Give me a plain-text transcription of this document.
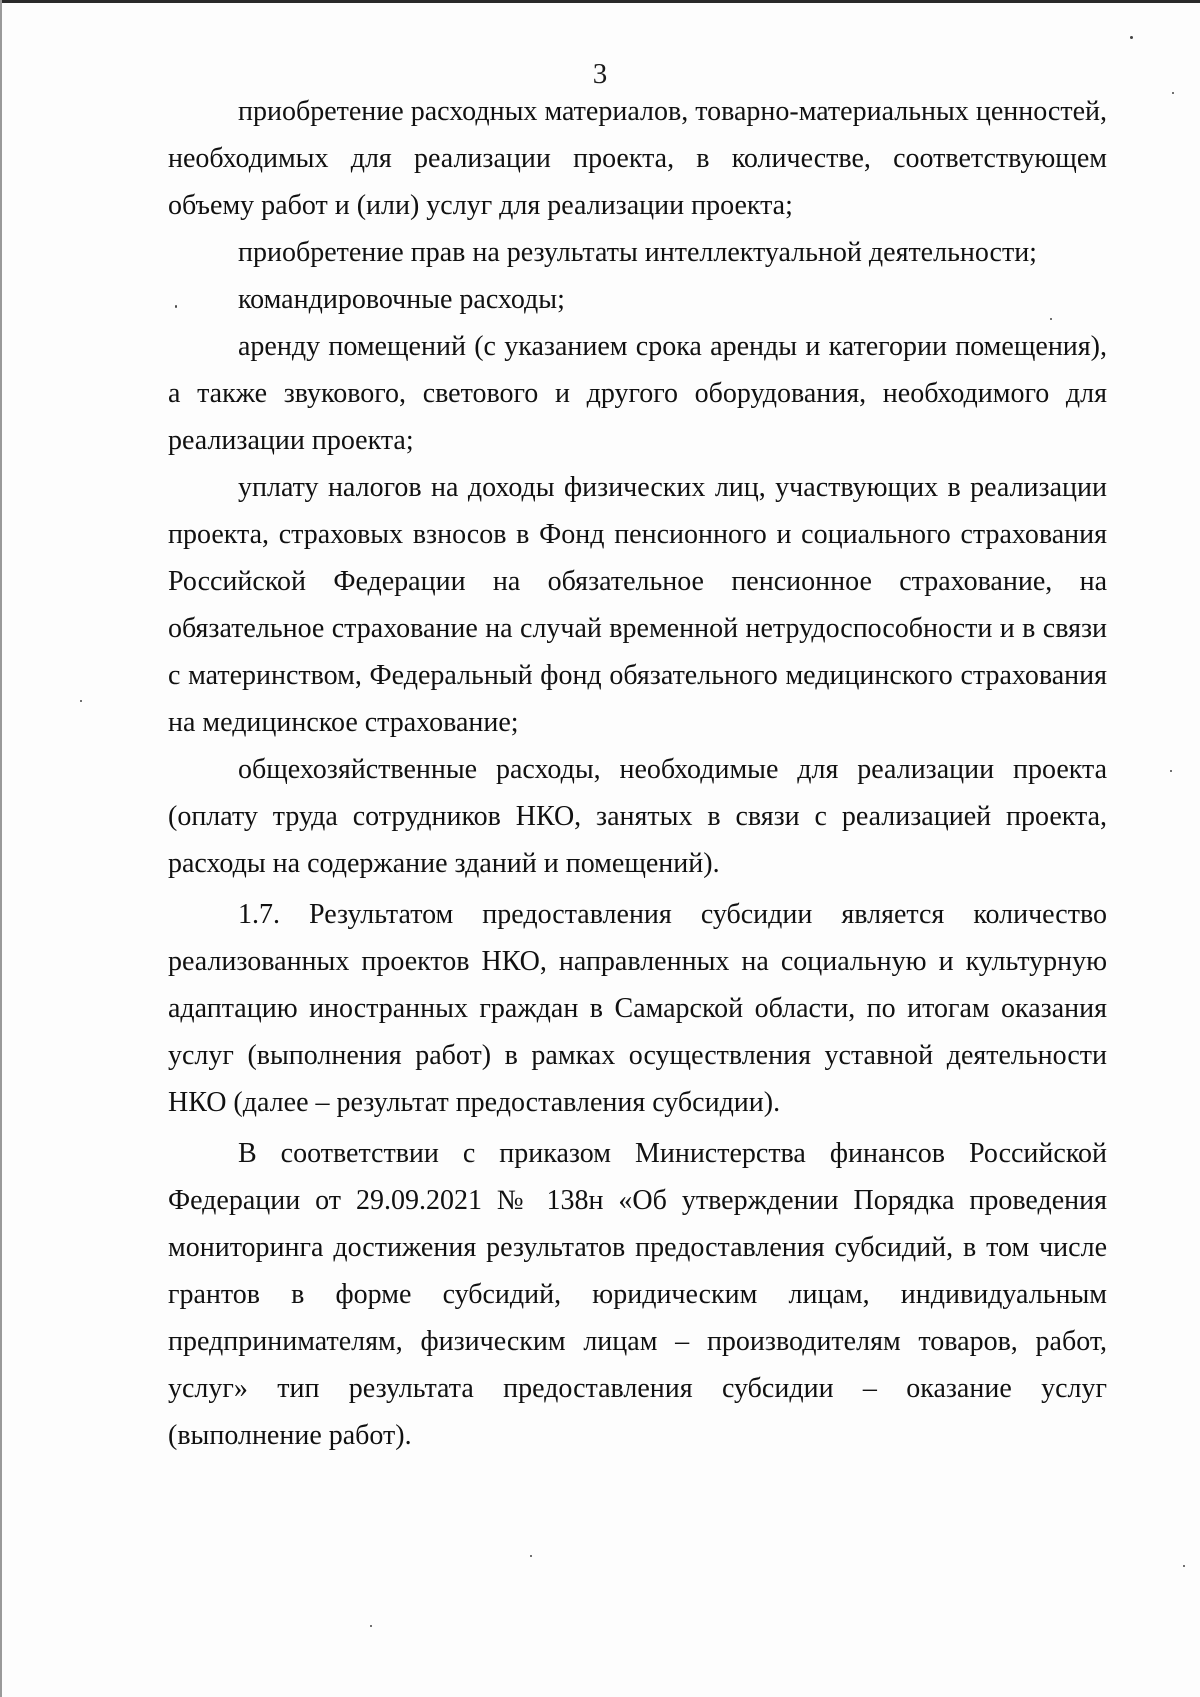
3

приобретение расходных материалов, товарно-материальных ценностей, необходимых для реализации проекта, в количестве, соответствующем объему работ и (или) услуг для реализации проекта;

приобретение прав на результаты интеллектуальной деятельности;

командировочные расходы;

аренду помещений (с указанием срока аренды и категории помещения), а также звукового, светового и другого оборудования, необходимого для реализации проекта;

уплату налогов на доходы физических лиц, участвующих в реализации проекта, страховых взносов в Фонд пенсионного и социального страхования Российской Федерации на обязательное пенсионное страхование, на обязательное страхование на случай временной нетрудоспособности и в связи с материнством, Федеральный фонд обязательного медицинского страхования на медицинское страхование;

общехозяйственные расходы, необходимые для реализации проекта (оплату труда сотрудников НКО, занятых в связи с реализацией проекта, расходы на содержание зданий и помещений).

1.7. Результатом предоставления субсидии является количество реализованных проектов НКО, направленных на социальную и культурную адаптацию иностранных граждан в Самарской области, по итогам оказания услуг (выполнения работ) в рамках осуществления уставной деятельности НКО (далее – результат предоставления субсидии).

В соответствии с приказом Министерства финансов Российской Федерации от 29.09.2021 № 138н «Об утверждении Порядка проведения мониторинга достижения результатов предоставления субсидий, в том числе грантов в форме субсидий, юридическим лицам, индивидуальным предпринимателям, физическим лицам – производителям товаров, работ, услуг» тип результата предоставления субсидии – оказание услуг (выполнение работ).
